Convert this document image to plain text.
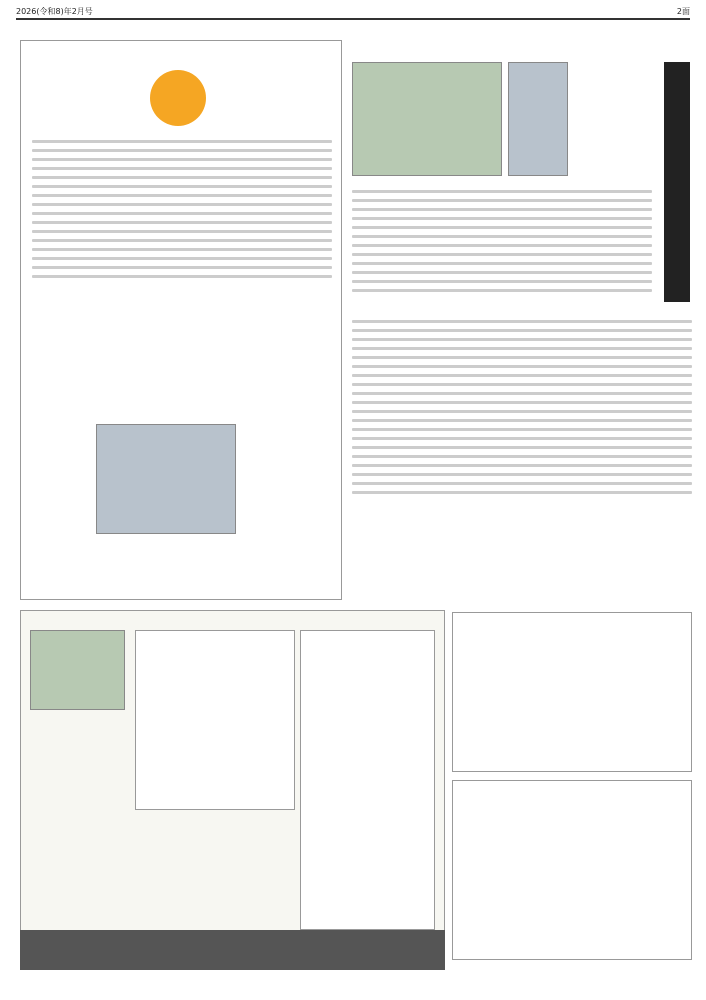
2026(令和8)年2月号	2面
